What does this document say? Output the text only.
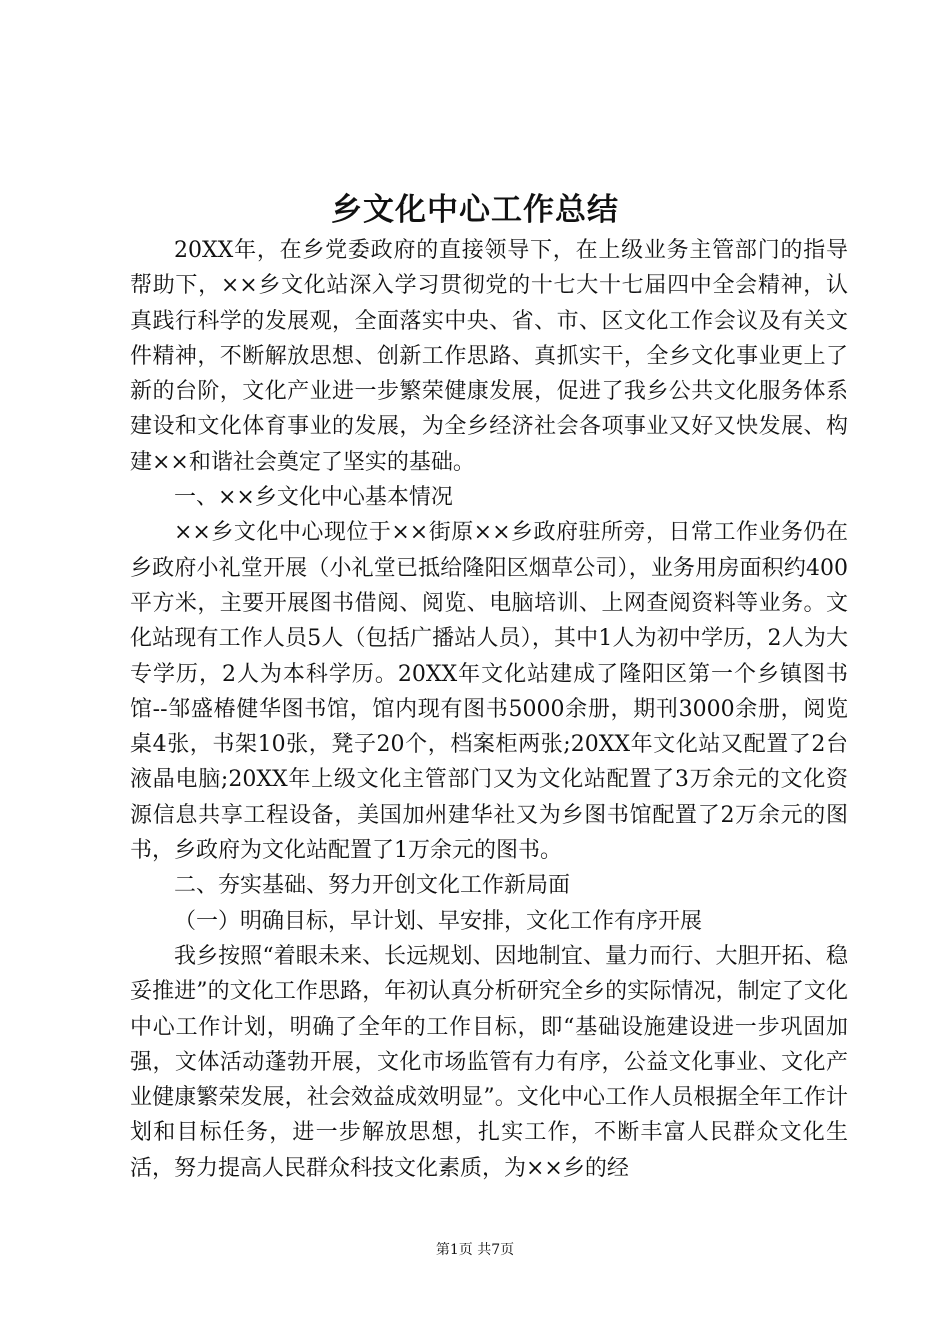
乡文化中心工作总结

20XX年，在乡党委政府的直接领导下，在上级业务主管部门的指导帮助下，××乡文化站深入学习贯彻党的十七大十七届四中全会精神，认真践行科学的发展观，全面落实中央、省、市、区文化工作会议及有关文件精神，不断解放思想、创新工作思路、真抓实干，全乡文化事业更上了新的台阶，文化产业进一步繁荣健康发展，促进了我乡公共文化服务体系建设和文化体育事业的发展，为全乡经济社会各项事业又好又快发展、构建××和谐社会奠定了坚实的基础。

一、××乡文化中心基本情况

××乡文化中心现位于××街原××乡政府驻所旁，日常工作业务仍在乡政府小礼堂开展（小礼堂已抵给隆阳区烟草公司），业务用房面积约400平方米，主要开展图书借阅、阅览、电脑培训、上网查阅资料等业务。文化站现有工作人员5人（包括广播站人员），其中1人为初中学历，2人为大专学历，2人为本科学历。20XX年文化站建成了隆阳区第一个乡镇图书馆--邹盛椿健华图书馆，馆内现有图书5000余册，期刊3000余册，阅览桌4张，书架10张，凳子20个，档案柜两张;20XX年文化站又配置了2台液晶电脑;20XX年上级文化主管部门又为文化站配置了3万余元的文化资源信息共享工程设备，美国加州建华社又为乡图书馆配置了2万余元的图书，乡政府为文化站配置了1万余元的图书。

二、夯实基础、努力开创文化工作新局面

（一）明确目标，早计划、早安排，文化工作有序开展

我乡按照“着眼未来、长远规划、因地制宜、量力而行、大胆开拓、稳妥推进”的文化工作思路，年初认真分析研究全乡的实际情况，制定了文化中心工作计划，明确了全年的工作目标，即“基础设施建设进一步巩固加强，文体活动蓬勃开展，文化市场监管有力有序，公益文化事业、文化产业健康繁荣发展，社会效益成效明显”。文化中心工作人员根据全年工作计划和目标任务，进一步解放思想，扎实工作，不断丰富人民群众文化生活，努力提高人民群众科技文化素质，为××乡的经

第1页 共7页
